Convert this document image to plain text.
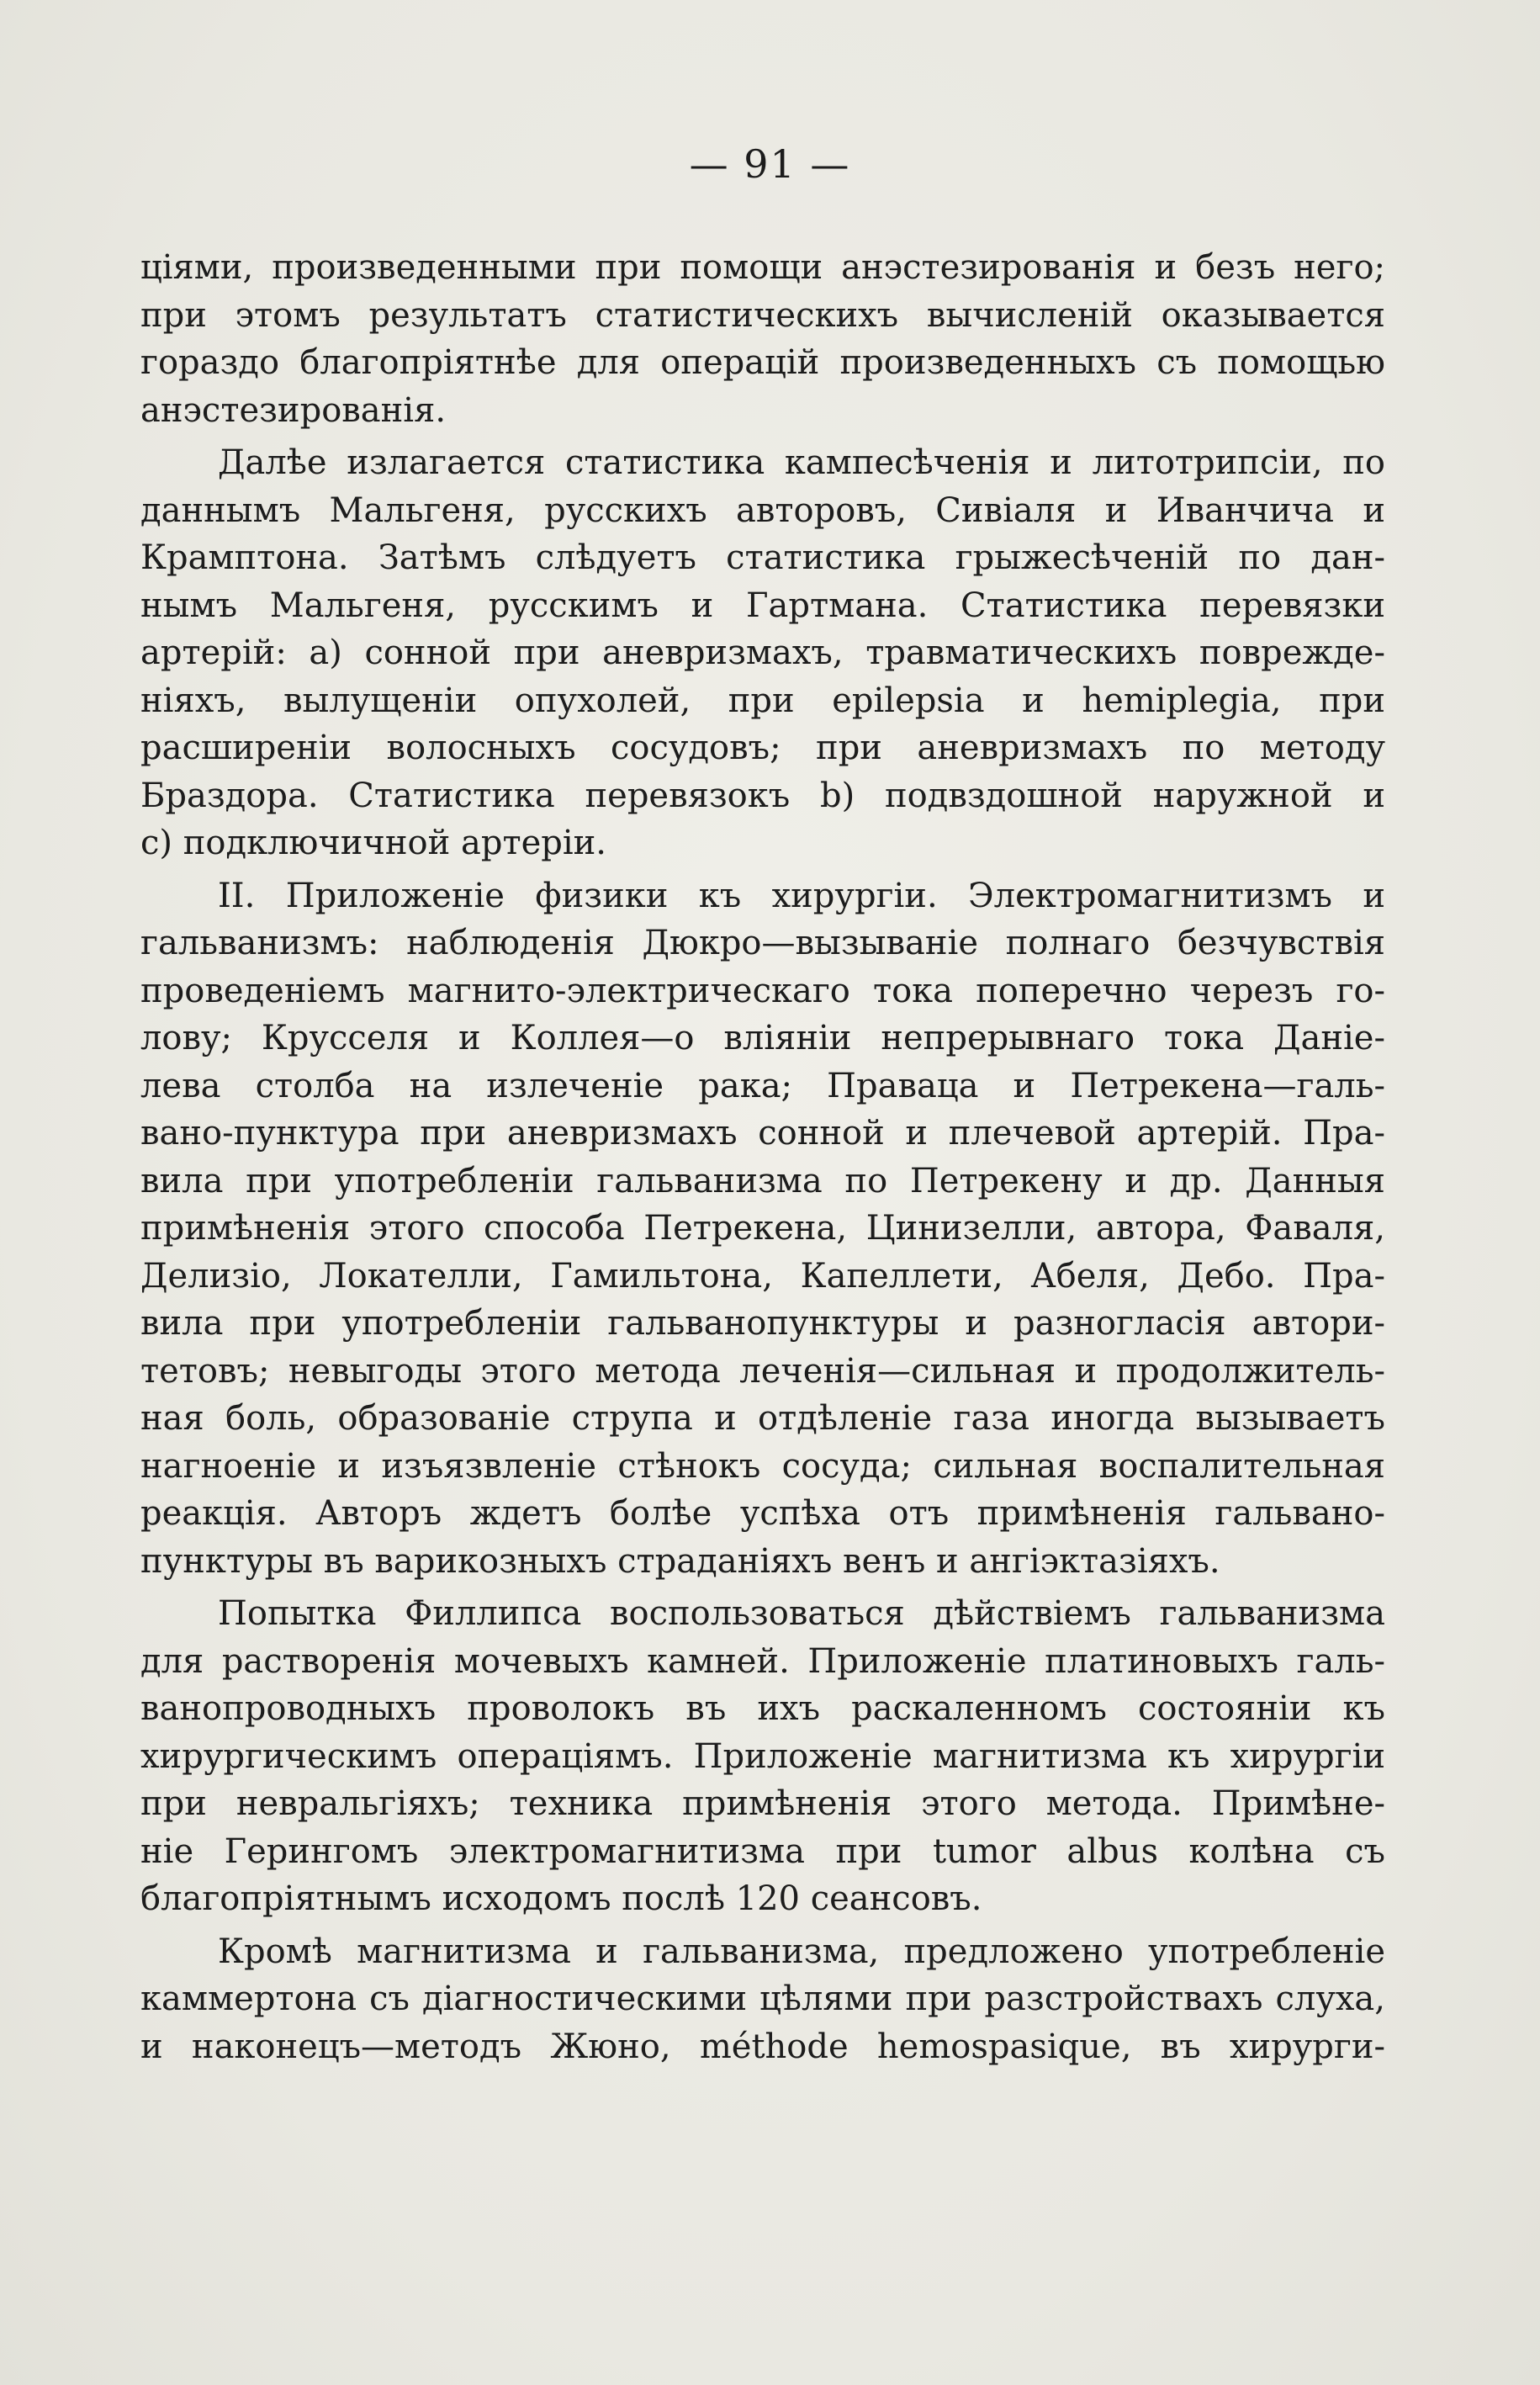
— 91 —
ціями, произведенными при помощи анэстезированія и безъ него;
при этомъ результатъ статистическихъ вычисленій оказывается
гораздо благопріятнѣе для операцій произведенныхъ съ помощью
анэстезированія.
Далѣе излагается статистика кампесѣченія и литотрипсіи, по
даннымъ Мальгеня, русскихъ авторовъ, Сивіаля и Иванчича и
Крамптона. Затѣмъ слѣдуетъ статистика грыжесѣченій по дан-
нымъ Мальгеня, русскимъ и Гартмана. Статистика перевязки
артерій: а) сонной при аневризмахъ, травматическихъ поврежде-
ніяхъ, вылущеніи опухолей, при epilepsia и hemiplegia, при
расширеніи волосныхъ сосудовъ; при аневризмахъ по методу
Браздора. Статистика перевязокъ b) подвздошной наружной и
c) подключичной артеріи.
II. Приложеніе физики къ хирургіи. Электромагнитизмъ и
гальванизмъ: наблюденія Дюкро—вызываніе полнаго безчувствія
проведеніемъ магнито-электрическаго тока поперечно черезъ го-
лову; Крусселя и Коллея—о вліяніи непрерывнаго тока Даніе-
лева столба на излеченіе рака; Правацa и Петрекена—галь-
вано-пунктура при аневризмахъ сонной и плечевой артерій. Пра-
вила при употребленіи гальванизма по Петрекену и др. Данныя
примѣненія этого способа Петрекена, Цинизелли, автора, Фаваля,
Делизіо, Локателли, Гамильтона, Капеллети, Абеля, Дебо. Пра-
вила при употребленіи гальванопунктуры и разногласія автори-
тетовъ; невыгоды этого метода леченія—сильная и продолжитель-
ная боль, образованіе струпа и отдѣленіе газа иногда вызываетъ
нагноеніе и изъязвленіе стѣнокъ сосуда; сильная воспалительная
реакція. Авторъ ждетъ болѣе успѣха отъ примѣненія гальвано-
пунктуры въ варикозныхъ страданіяхъ венъ и ангіэктазіяхъ.
Попытка Филлипса воспользоваться дѣйствіемъ гальванизма
для растворенія мочевыхъ камней. Приложеніе платиновыхъ галь-
ванопроводныхъ проволокъ въ ихъ раскаленномъ состояніи къ
хирургическимъ операціямъ. Приложеніе магнитизма къ хирургіи
при невральгіяхъ; техника примѣненія этого метода. Примѣне-
ніе Герингомъ электромагнитизма при tumor albus колѣна съ
благопріятнымъ исходомъ послѣ 120 сеансовъ.
Кромѣ магнитизма и гальванизма, предложено употребленіе
каммертона съ діагностическими цѣлями при разстройствахъ слуха,
и наконецъ—методъ Жюно, méthode hemospasique, въ хирурги-
